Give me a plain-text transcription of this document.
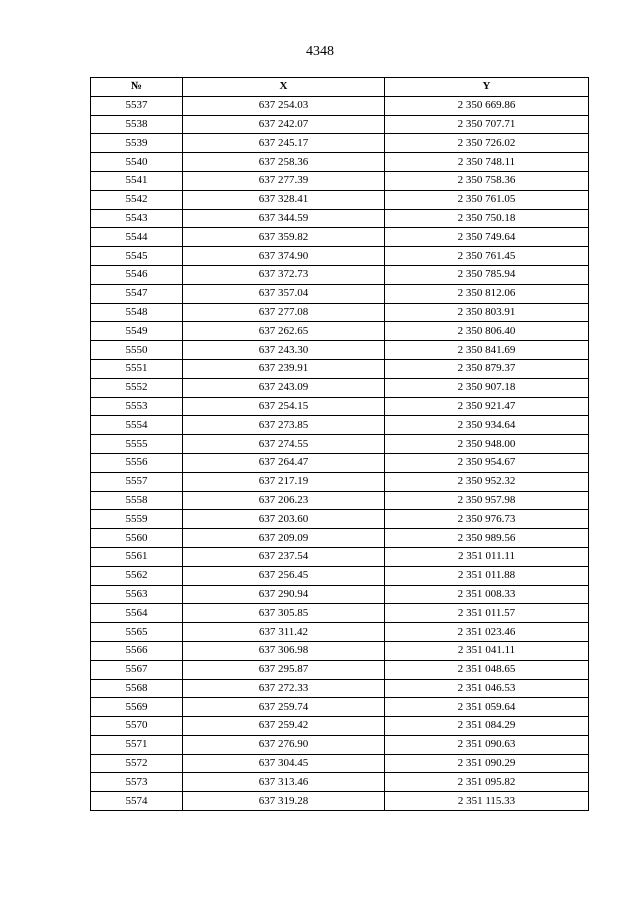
4348
№	X	Y
5537	637 254.03	2 350 669.86
5538	637 242.07	2 350 707.71
5539	637 245.17	2 350 726.02
5540	637 258.36	2 350 748.11
5541	637 277.39	2 350 758.36
5542	637 328.41	2 350 761.05
5543	637 344.59	2 350 750.18
5544	637 359.82	2 350 749.64
5545	637 374.90	2 350 761.45
5546	637 372.73	2 350 785.94
5547	637 357.04	2 350 812.06
5548	637 277.08	2 350 803.91
5549	637 262.65	2 350 806.40
5550	637 243.30	2 350 841.69
5551	637 239.91	2 350 879.37
5552	637 243.09	2 350 907.18
5553	637 254.15	2 350 921.47
5554	637 273.85	2 350 934.64
5555	637 274.55	2 350 948.00
5556	637 264.47	2 350 954.67
5557	637 217.19	2 350 952.32
5558	637 206.23	2 350 957.98
5559	637 203.60	2 350 976.73
5560	637 209.09	2 350 989.56
5561	637 237.54	2 351 011.11
5562	637 256.45	2 351 011.88
5563	637 290.94	2 351 008.33
5564	637 305.85	2 351 011.57
5565	637 311.42	2 351 023.46
5566	637 306.98	2 351 041.11
5567	637 295.87	2 351 048.65
5568	637 272.33	2 351 046.53
5569	637 259.74	2 351 059.64
5570	637 259.42	2 351 084.29
5571	637 276.90	2 351 090.63
5572	637 304.45	2 351 090.29
5573	637 313.46	2 351 095.82
5574	637 319.28	2 351 115.33
